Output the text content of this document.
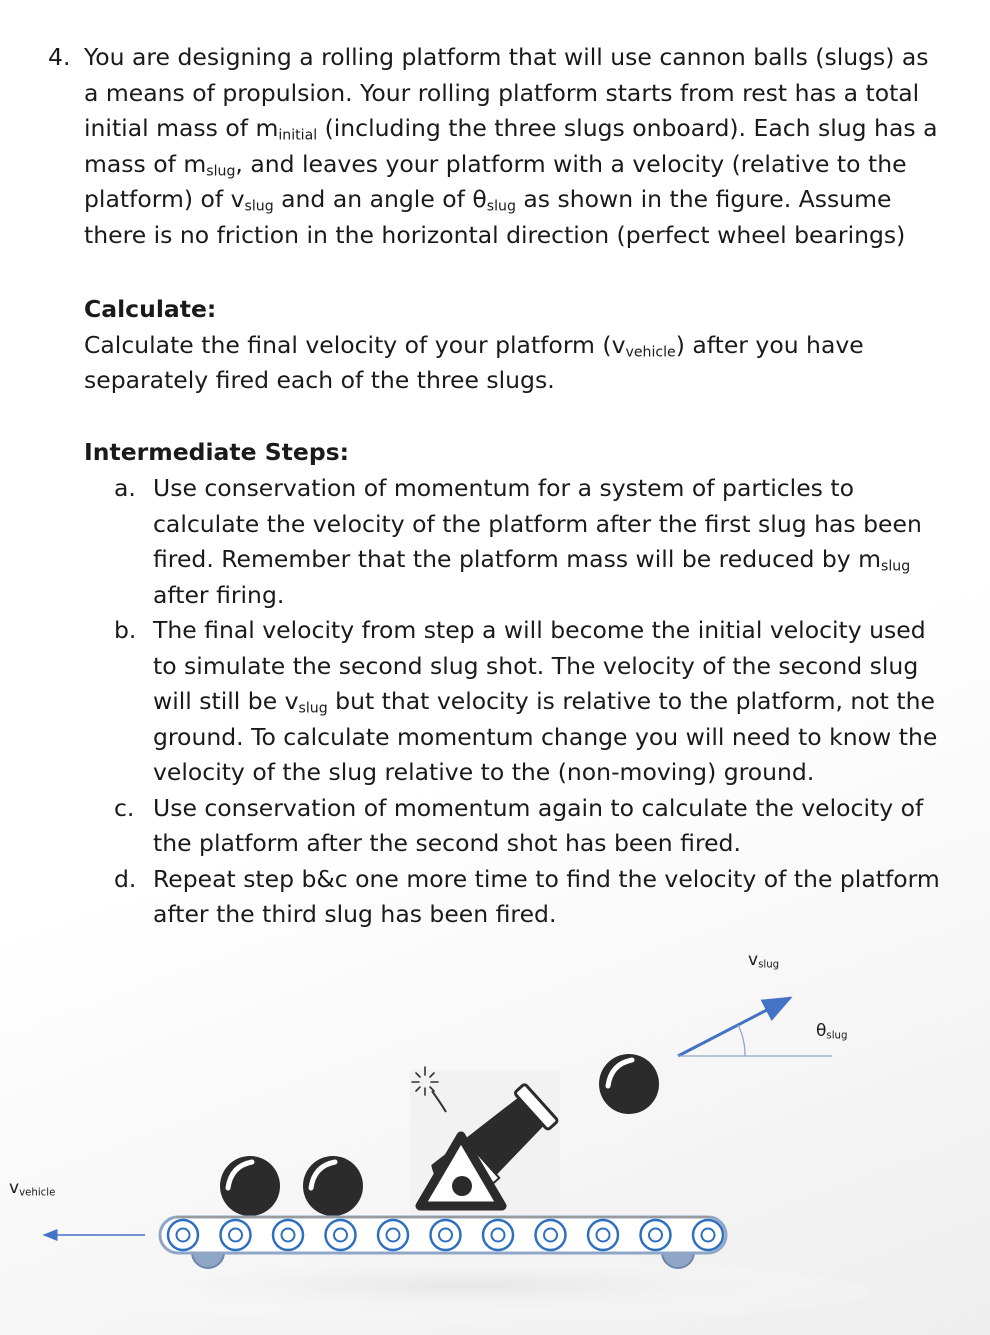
4. You are designing a rolling platform that will use cannon balls (slugs) as a means of propulsion. Your rolling platform starts from rest has a total initial mass of $m_{initial}$ (including the three slugs onboard). Each slug has a mass of $m_{slug}$, and leaves your platform with a velocity (relative to the platform) of $v_{slug}$ and an angle of $\theta_{slug}$ as shown in the figure. Assume there is no friction in the horizontal direction (perfect wheel bearings)
Calculate:
Calculate the final velocity of your platform $(v_{vehicle})$ after you have separately fired each of the three slugs.
Intermediate Steps:
a. Use conservation of momentum for a system of particles to calculate the velocity of the platform after the first slug has been fired. Remember that the platform mass will be reduced by $m_{slug}$ after firing.
b. The final velocity from step a will become the initial velocity used to simulate the second slug shot. The velocity of the second slug will still be $v_{slug}$ but that velocity is relative to the platform, not the ground. To calculate momentum change you will need to know the velocity of the slug relative to the (non-moving) ground.
c. Use conservation of momentum again to calculate the velocity of the platform after the second shot has been fired.
d. Repeat step b&c one more time to find the velocity of the platform after the third slug has been fired.
$v_{slug}$
$\theta_{slug}$
$v_{vehicle}$
